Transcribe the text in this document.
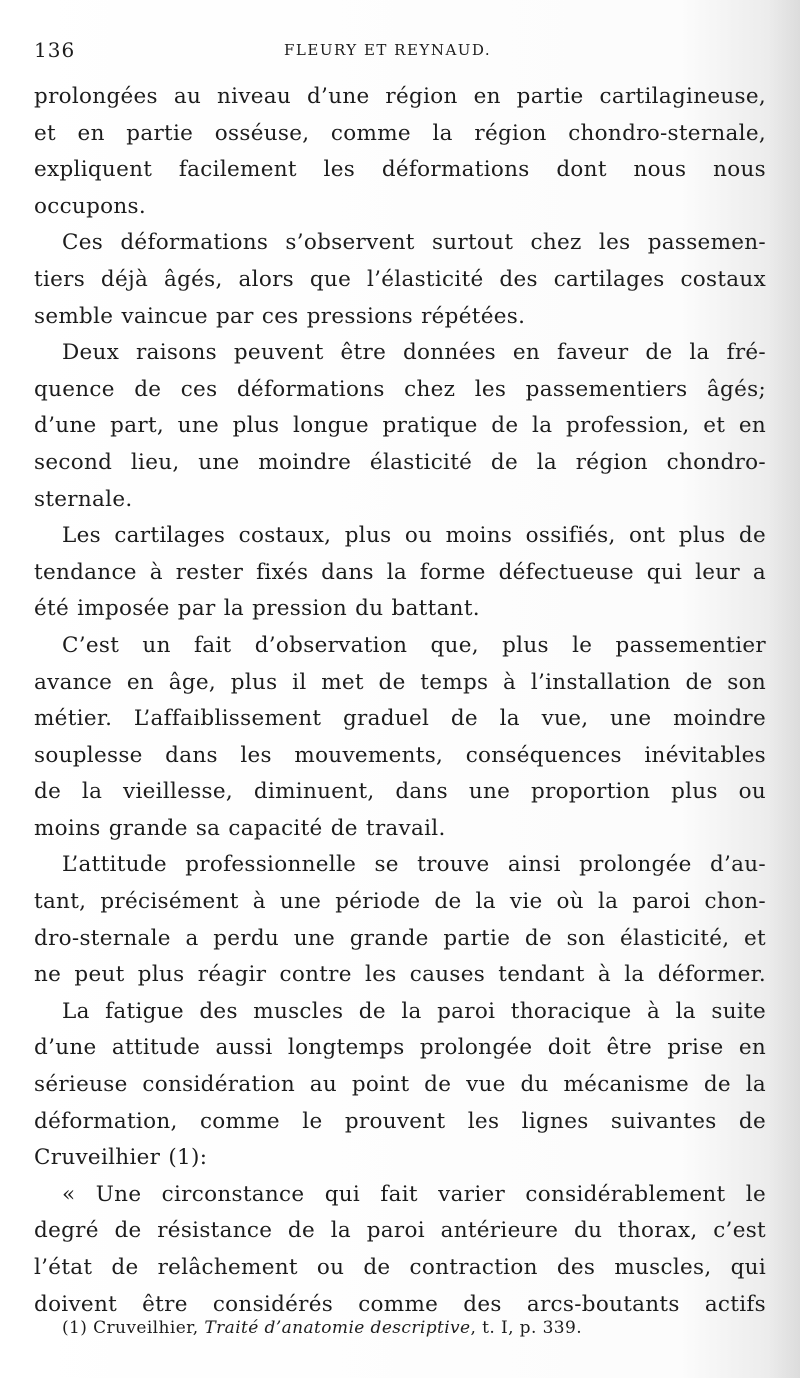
136	FLEURY ET REYNAUD.
prolongées au niveau d’une région en partie cartilagineuse,
et en partie osséuse, comme la région chondro-sternale,
expliquent facilement les déformations dont nous nous
occupons.
Ces déformations s’observent surtout chez les passemen-
tiers déjà âgés, alors que l’élasticité des cartilages costaux
semble vaincue par ces pressions répétées.
Deux raisons peuvent être données en faveur de la fré-
quence de ces déformations chez les passementiers âgés;
d’une part, une plus longue pratique de la profession, et en
second lieu, une moindre élasticité de la région chondro-
sternale.
Les cartilages costaux, plus ou moins ossifiés, ont plus de
tendance à rester fixés dans la forme défectueuse qui leur a
été imposée par la pression du battant.
C’est un fait d’observation que, plus le passementier
avance en âge, plus il met de temps à l’installation de son
métier. L’affaiblissement graduel de la vue, une moindre
souplesse dans les mouvements, conséquences inévitables
de la vieillesse, diminuent, dans une proportion plus ou
moins grande sa capacité de travail.
L’attitude professionnelle se trouve ainsi prolongée d’au-
tant, précisément à une période de la vie où la paroi chon-
dro-sternale a perdu une grande partie de son élasticité, et
ne peut plus réagir contre les causes tendant à la déformer.
La fatigue des muscles de la paroi thoracique à la suite
d’une attitude aussi longtemps prolongée doit être prise en
sérieuse considération au point de vue du mécanisme de la
déformation, comme le prouvent les lignes suivantes de
Cruveilhier (1):
« Une circonstance qui fait varier considérablement le
degré de résistance de la paroi antérieure du thorax, c’est
l’état de relâchement ou de contraction des muscles, qui
doivent être considérés comme des arcs-boutants actifs
(1) Cruveilhier, Traité d’anatomie descriptive, t. I, p. 339.
